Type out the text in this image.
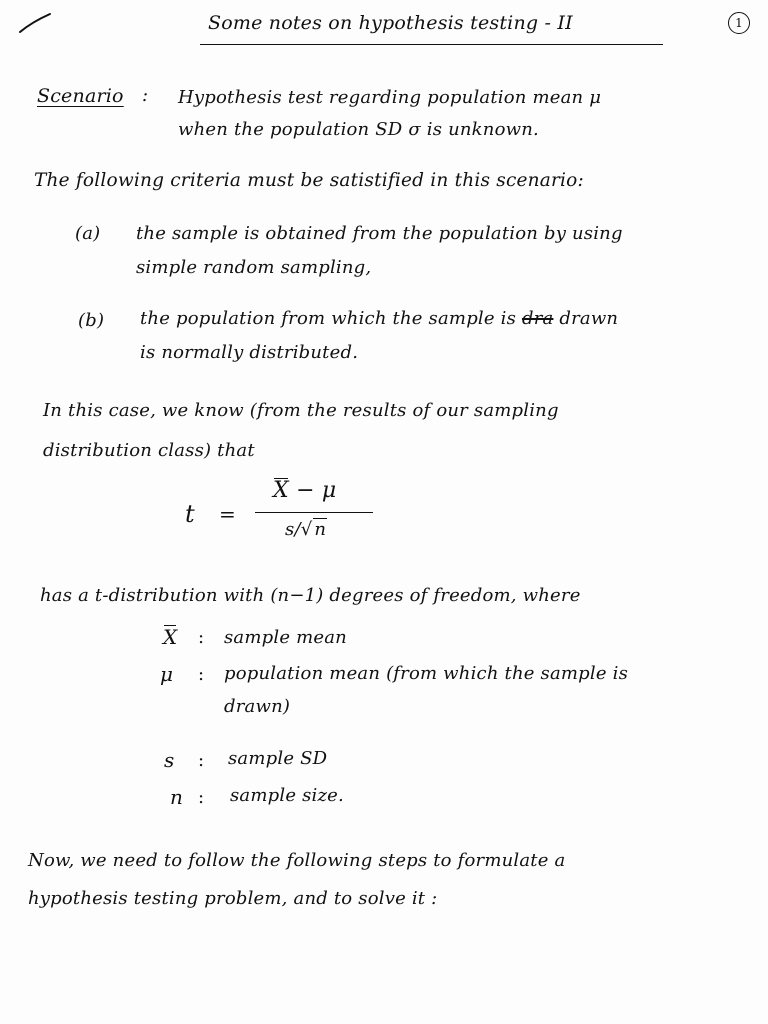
Some notes on hypothesis testing - II	1
Scenario : Hypothesis test regarding population mean μ
when the population SD σ is unknown.
The following criteria must be satistified in this scenario:
(a) the sample is obtained from the population by using
simple random sampling,
(b) the population from which the sample is dra drawn
is normally distributed.
In this case, we know (from the results of our sampling
distribution class) that
t =
X − μ
s/√ n
has a t-distribution with (n−1) degrees of freedom, where
X : sample mean
μ : population mean (from which the sample is
drawn)
s : sample SD
n : sample size.
Now, we need to follow the following steps to formulate a
hypothesis testing problem, and to solve it :
